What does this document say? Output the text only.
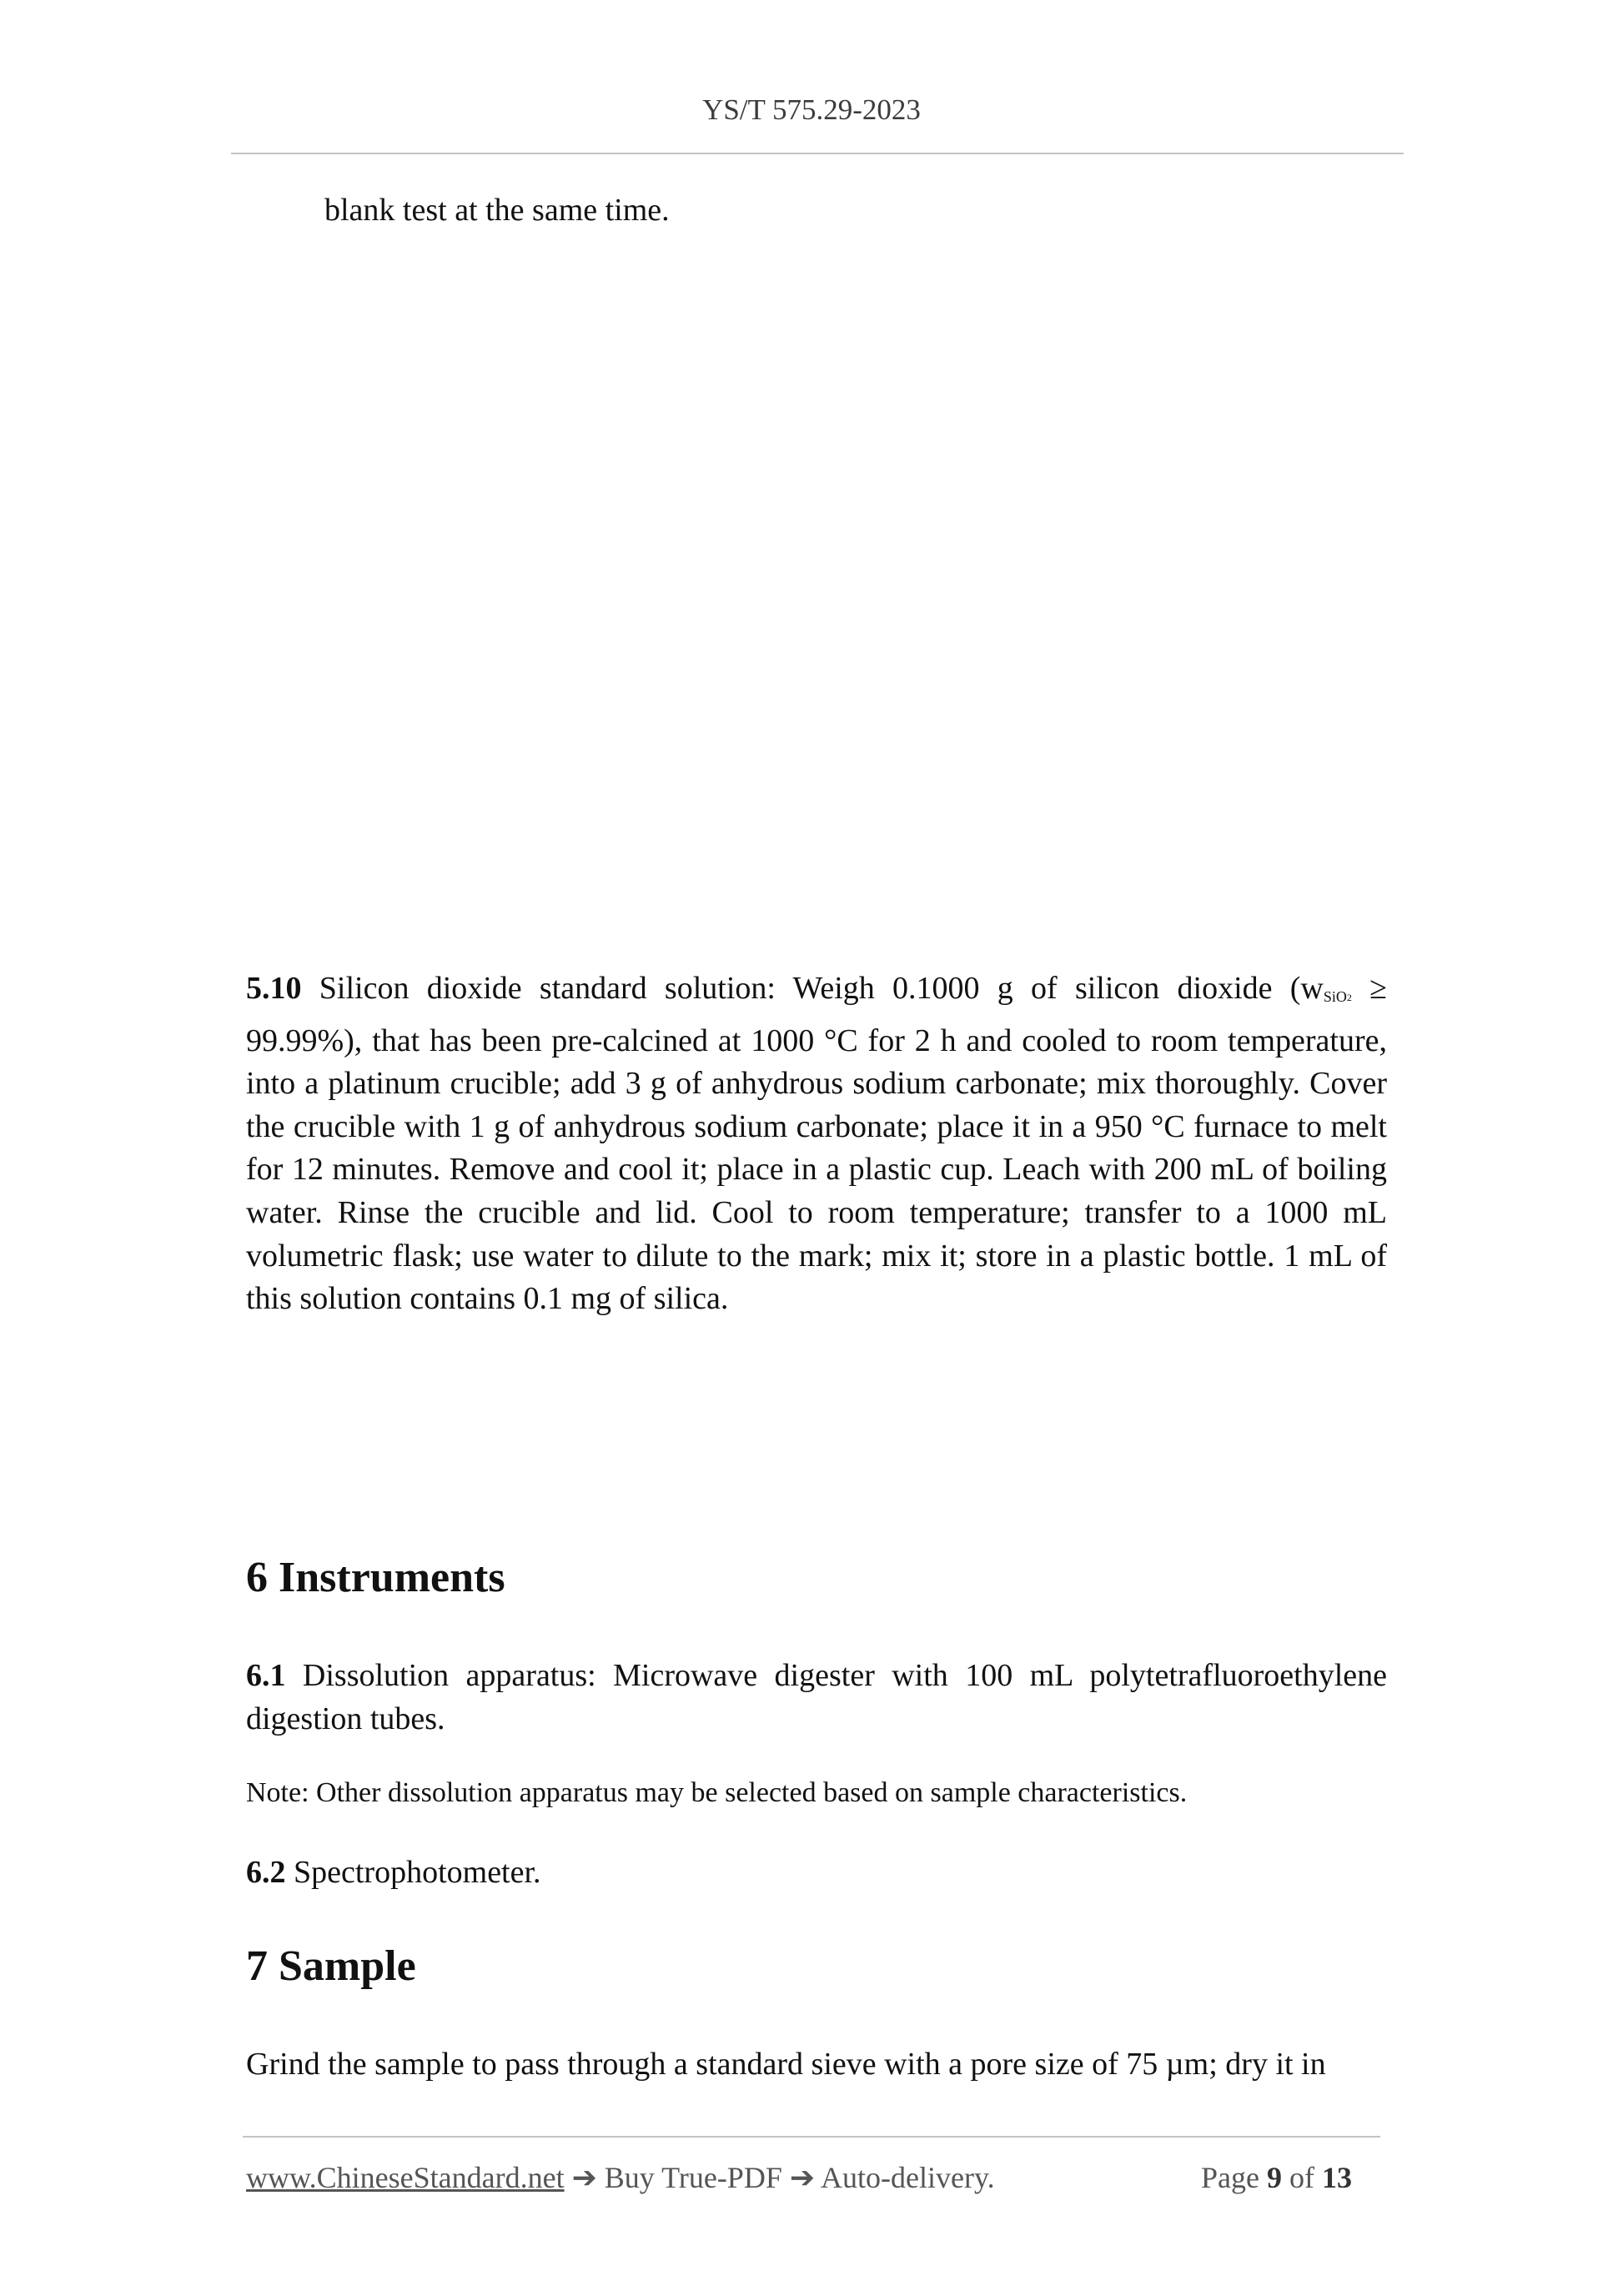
YS/T 575.29-2023
blank test at the same time.
5.10 Silicon dioxide standard solution: Weigh 0.1000 g of silicon dioxide $(w_{SiO}2 \ge 99.99\%)$, that has been pre-calcined at 1000 °C for 2 h and cooled to room temperature, into a platinum crucible; add 3 g of anhydrous sodium carbonate; mix thoroughly. Cover the crucible with 1 g of anhydrous sodium carbonate; place it in a 950 °C furnace to melt for 12 minutes. Remove and cool it; place in a plastic cup. Leach with 200 mL of boiling water. Rinse the crucible and lid. Cool to room temperature; transfer to a 1000 mL volumetric flask; use water to dilute to the mark; mix it; store in a plastic bottle. 1 mL of this solution contains 0.1 mg of silica.
6 Instruments
6.1 Dissolution apparatus: Microwave digester with 100 mL polytetrafluoroethylene digestion tubes.
Note: Other dissolution apparatus may be selected based on sample characteristics.
6.2 Spectrophotometer.
7 Sample
Grind the sample to pass through a standard sieve with a pore size of 75 µm; dry it in
www.ChineseStandard.net ➔ Buy True-PDF ➔ Auto-delivery.	Page 9 of 13
